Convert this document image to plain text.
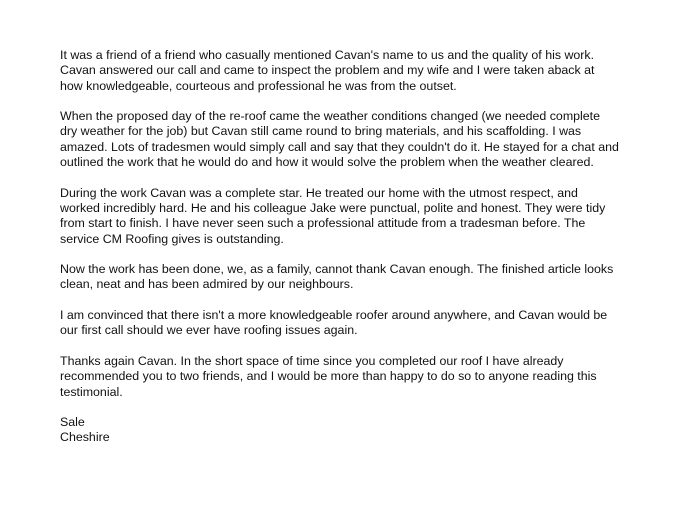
It was a friend of a friend who casually mentioned Cavan's name to us and the quality of his work. Cavan answered our call and came to inspect the problem and my wife and I were taken aback at how knowledgeable, courteous and professional he was from the outset.

When the proposed day of the re-roof came the weather conditions changed (we needed complete dry weather for the job) but Cavan still came round to bring materials, and his scaffolding. I was amazed. Lots of tradesmen would simply call and say that they couldn't do it. He stayed for a chat and outlined the work that he would do and how it would solve the problem when the weather cleared.

During the work Cavan was a complete star. He treated our home with the utmost respect, and worked incredibly hard. He and his colleague Jake were punctual, polite and honest. They were tidy from start to finish. I have never seen such a professional attitude from a tradesman before. The service CM Roofing gives is outstanding.

Now the work has been done, we, as a family, cannot thank Cavan enough. The finished article looks clean, neat and has been admired by our neighbours.

I am convinced that there isn't a more knowledgeable roofer around anywhere, and Cavan would be our first call should we ever have roofing issues again.

Thanks again Cavan. In the short space of time since you completed our roof I have already recommended you to two friends, and I would be more than happy to do so to anyone reading this testimonial.

Sale
Cheshire
